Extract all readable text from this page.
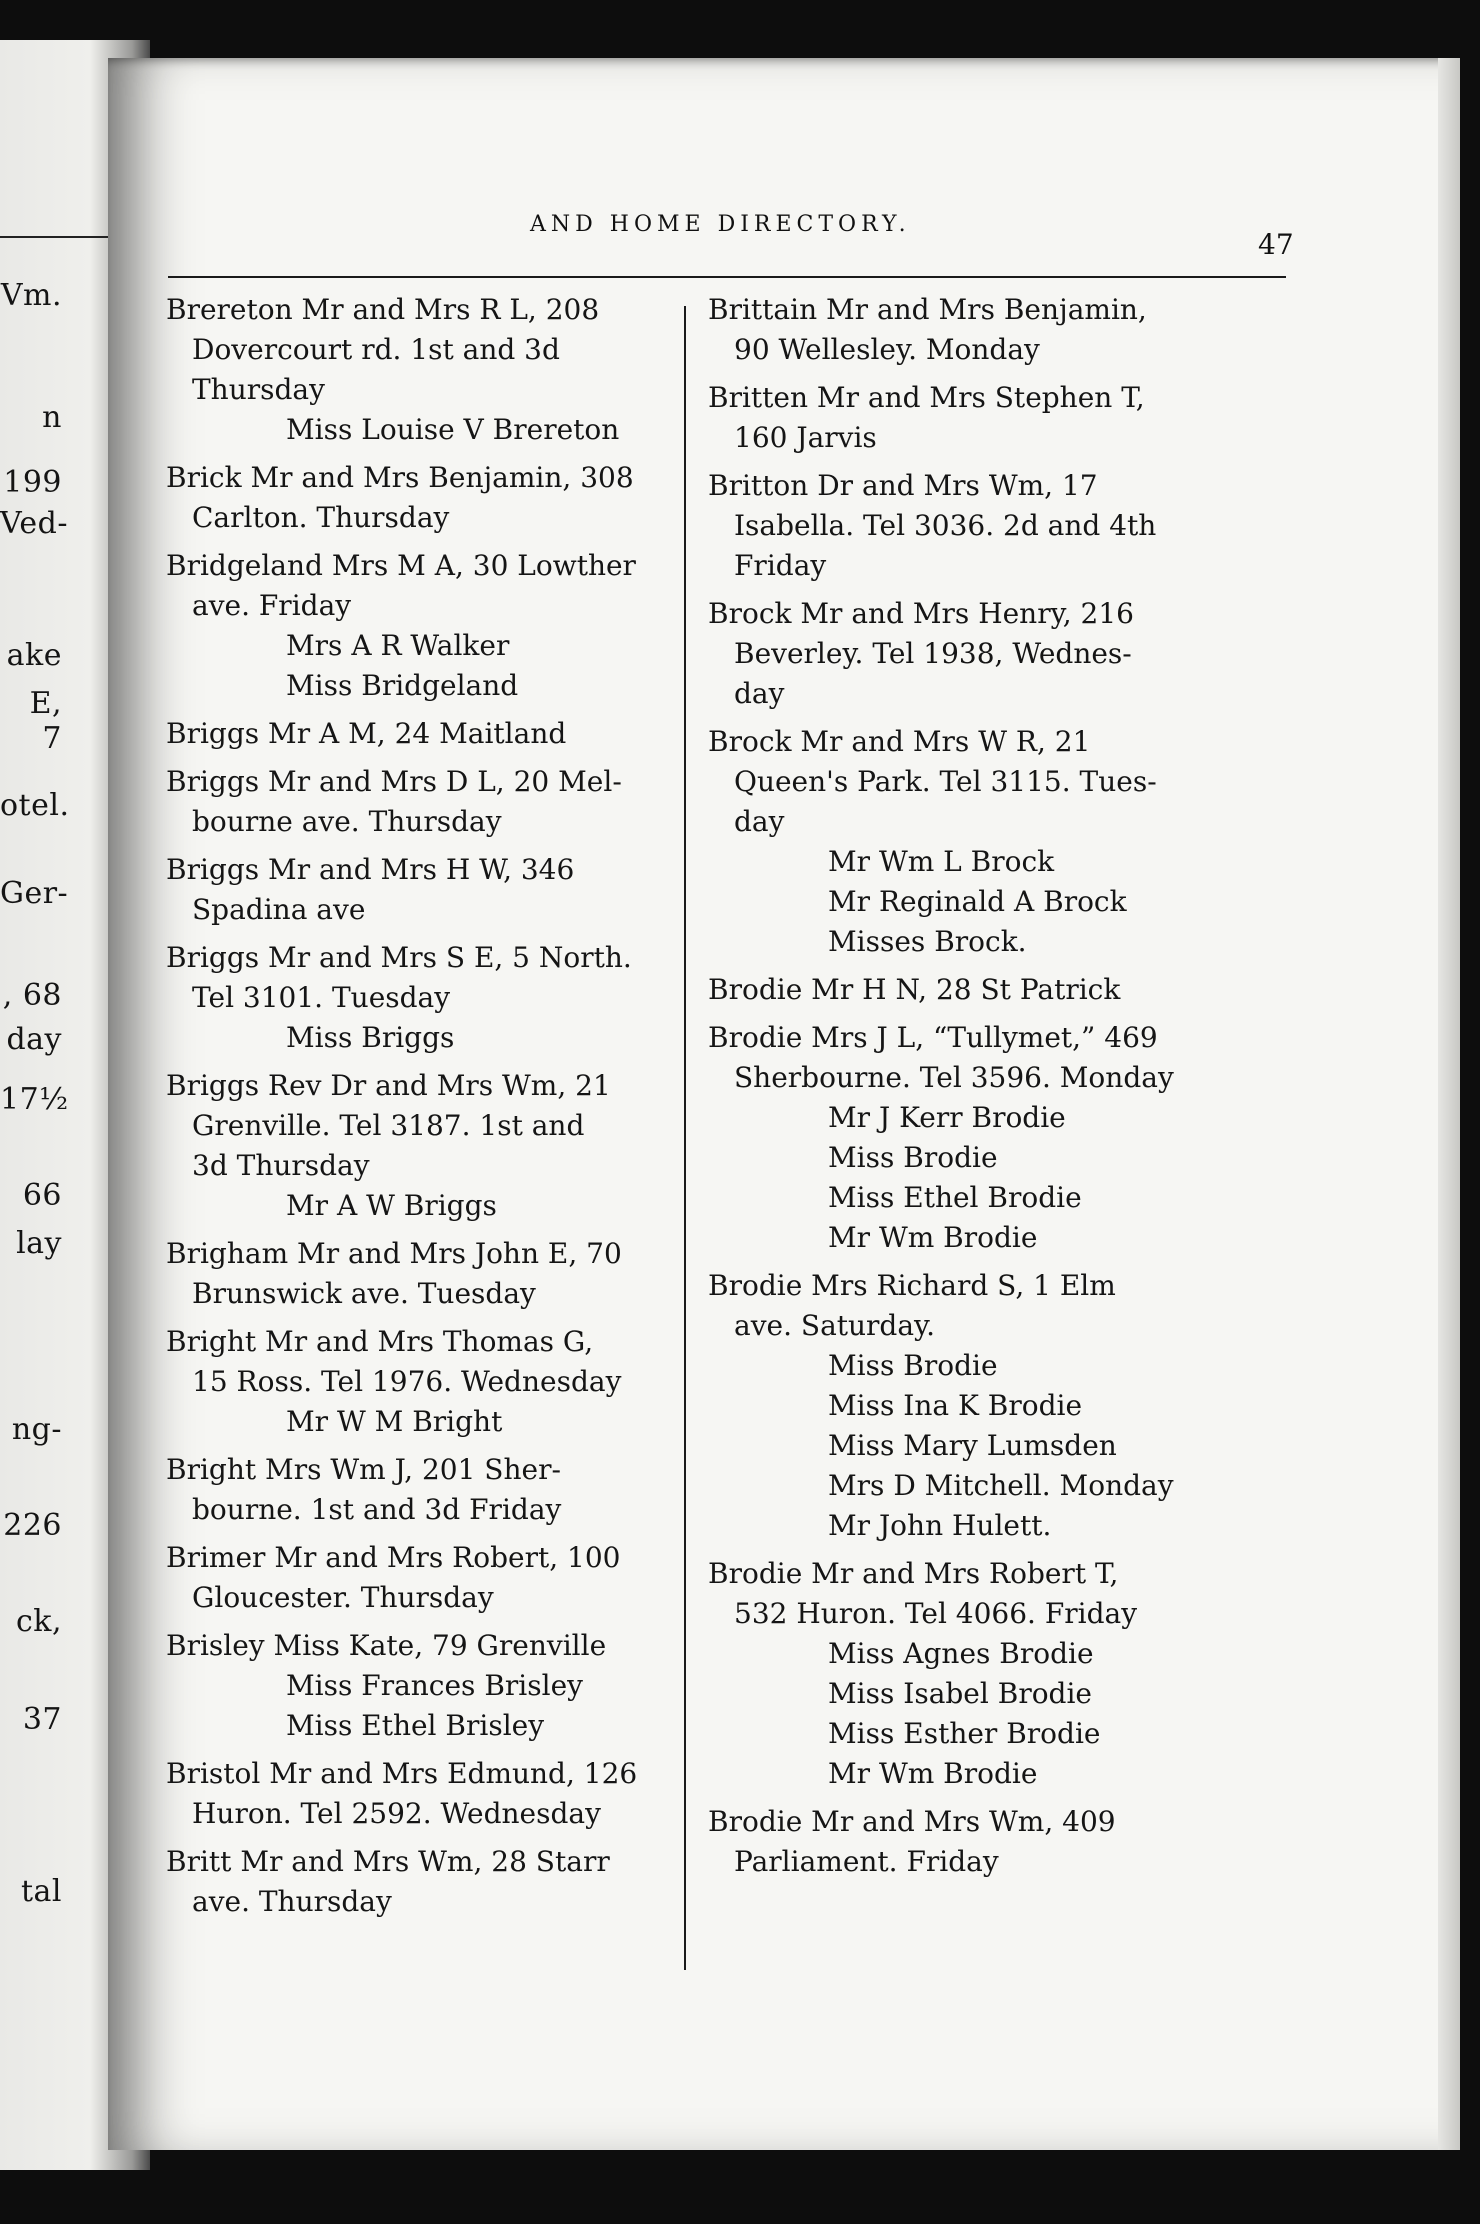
Vm.
n
199
Ved-
ake
E, 7
otel.
Ger-
, 68
day
17½
66
lay
ng-
226
ck,
37
tal
AND HOME DIRECTORY.
47
Brereton Mr and Mrs R L, 208
Dovercourt rd. 1st and 3d
Thursday
Miss Louise V Brereton
Brick Mr and Mrs Benjamin, 308
Carlton. Thursday
Bridgeland Mrs M A, 30 Lowther
ave. Friday
Mrs A R Walker
Miss Bridgeland
Briggs Mr A M, 24 Maitland
Briggs Mr and Mrs D L, 20 Mel-
bourne ave. Thursday
Briggs Mr and Mrs H W, 346
Spadina ave
Briggs Mr and Mrs S E, 5 North.
Tel 3101. Tuesday
Miss Briggs
Briggs Rev Dr and Mrs Wm, 21
Grenville. Tel 3187. 1st and
3d Thursday
Mr A W Briggs
Brigham Mr and Mrs John E, 70
Brunswick ave. Tuesday
Bright Mr and Mrs Thomas G,
15 Ross. Tel 1976. Wednesday
Mr W M Bright
Bright Mrs Wm J, 201 Sher-
bourne. 1st and 3d Friday
Brimer Mr and Mrs Robert, 100
Gloucester. Thursday
Brisley Miss Kate, 79 Grenville
Miss Frances Brisley
Miss Ethel Brisley
Bristol Mr and Mrs Edmund, 126
Huron. Tel 2592. Wednesday
Britt Mr and Mrs Wm, 28 Starr
ave. Thursday
Brittain Mr and Mrs Benjamin,
90 Wellesley. Monday
Britten Mr and Mrs Stephen T,
160 Jarvis
Britton Dr and Mrs Wm, 17
Isabella. Tel 3036. 2d and 4th
Friday
Brock Mr and Mrs Henry, 216
Beverley. Tel 1938, Wednes-
day
Brock Mr and Mrs W R, 21
Queen's Park. Tel 3115. Tues-
day
Mr Wm L Brock
Mr Reginald A Brock
Misses Brock.
Brodie Mr H N, 28 St Patrick
Brodie Mrs J L, “Tullymet,” 469
Sherbourne. Tel 3596. Monday
Mr J Kerr Brodie
Miss Brodie
Miss Ethel Brodie
Mr Wm Brodie
Brodie Mrs Richard S, 1 Elm
ave. Saturday.
Miss Brodie
Miss Ina K Brodie
Miss Mary Lumsden
Mrs D Mitchell. Monday
Mr John Hulett.
Brodie Mr and Mrs Robert T,
532 Huron. Tel 4066. Friday
Miss Agnes Brodie
Miss Isabel Brodie
Miss Esther Brodie
Mr Wm Brodie
Brodie Mr and Mrs Wm, 409
Parliament. Friday
